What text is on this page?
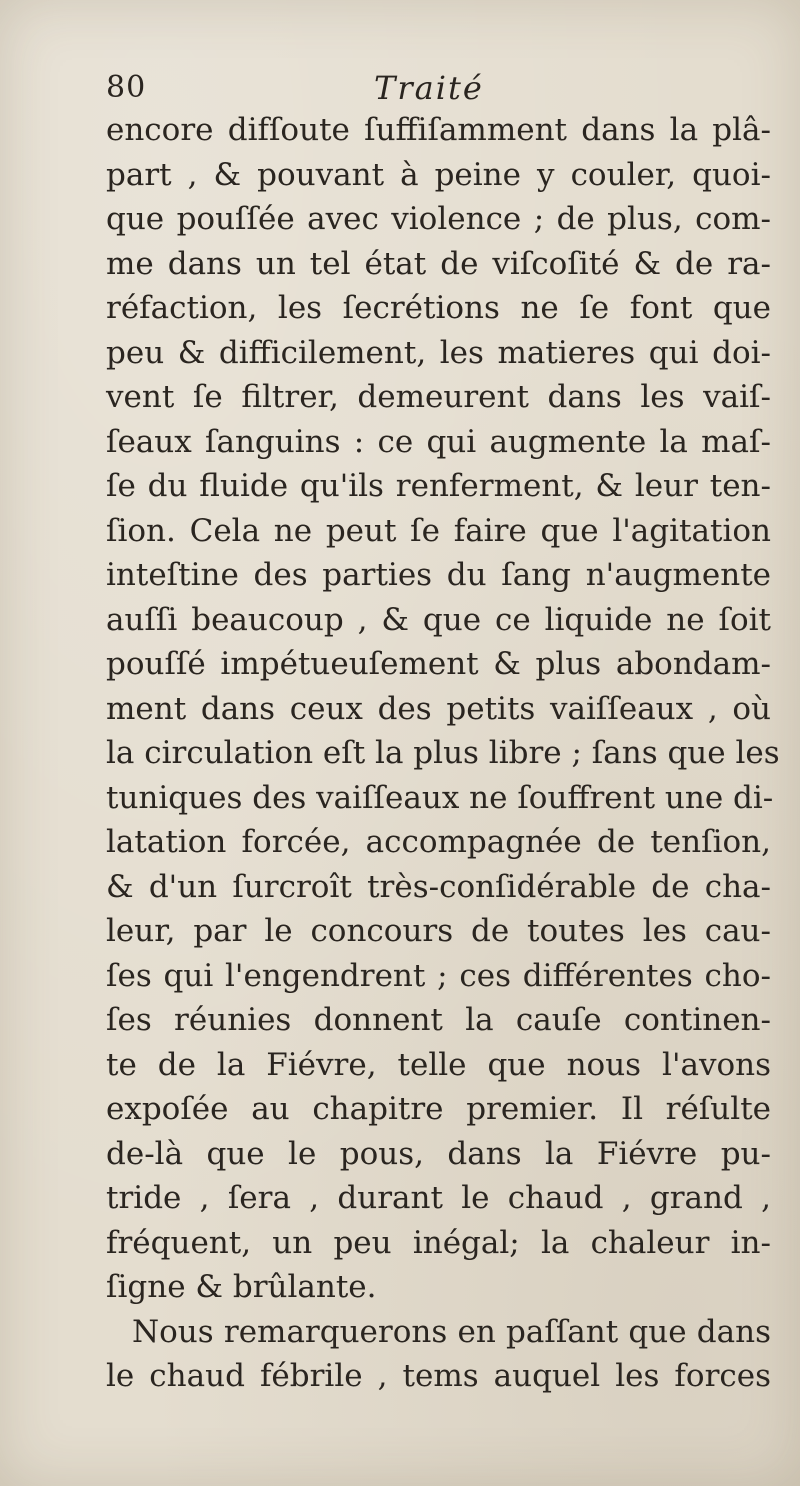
80	Traité
encore difſoute ſuffiſamment dans la plâ-
part , & pouvant à peine y couler, quoi-
que pouſſée avec violence ; de plus, com-
me dans un tel état de viſcoſité & de ra-
réfaction, les ſecrétions ne ſe font que
peu & difficilement, les matieres qui doi-
vent ſe filtrer, demeurent dans les vaiſ-
ſeaux ſanguins : ce qui augmente la maſ-
ſe du fluide qu'ils renferment, & leur ten-
ſion. Cela ne peut ſe faire que l'agitation
inteſtine des parties du ſang n'augmente
auſſi beaucoup , & que ce liquide ne ſoit
pouſſé impétueuſement & plus abondam-
ment dans ceux des petits vaiſſeaux , où
la circulation eſt la plus libre ; ſans que les
tuniques des vaiſſeaux ne ſouffrent une di-
latation forcée, accompagnée de tenſion,
& d'un ſurcroît très-conſidérable de cha-
leur, par le concours de toutes les cau-
ſes qui l'engendrent ; ces différentes cho-
ſes réunies donnent la cauſe continen-
te de la Fiévre, telle que nous l'avons
expoſée au chapitre premier. Il réſulte
de-là que le pous, dans la Fiévre pu-
tride , ſera , durant le chaud , grand ,
fréquent, un peu inégal; la chaleur in-
ſigne & brûlante.
Nous remarquerons en paſſant que dans
le chaud fébrile , tems auquel les forces
